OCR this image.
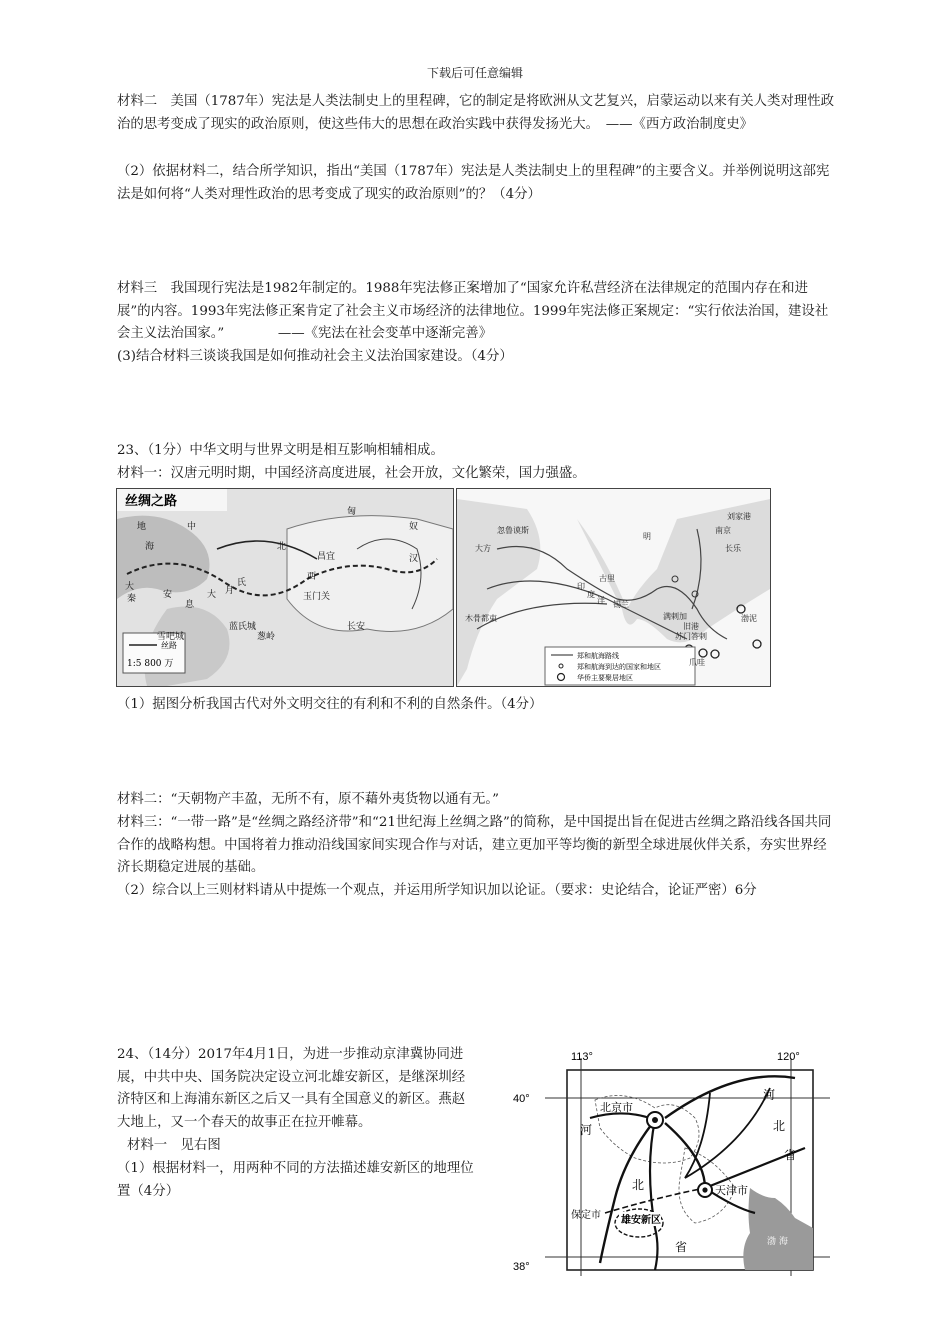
下载后可任意编辑

材料二　美国（1787年）宪法是人类法制史上的里程碑，它的制定是将欧洲从文艺复兴，启蒙运动以来有关人类对理性政治的思考变成了现实的政治原则，使这些伟大的思想在政治实践中获得发扬光大。　——《西方政治制度史》

（2）依据材料二，结合所学知识，指出“美国（1787年）宪法是人类法制史上的里程碑”的主要含义。并举例说明这部宪法是如何将“人类对理性政治的思考变成了现实的政治原则”的？（4分）

材料三　我国现行宪法是1982年制定的。1988年宪法修正案增加了“国家允许私营经济在法律规定的范围内存在和进展”的内容。1993年宪法修正案肯定了社会主义市场经济的法律地位。1999年宪法修正案规定：“实行依法治国，建设社会主义法治国家。”　　　　——《宪法在社会变革中逐渐完善》

(3)结合材料三谈谈我国是如何推动社会主义法治国家建设。（4分）

23、（1分）中华文明与世界文明是相互影响相辅相成。

材料一：汉唐元明时期，中国经济高度进展，社会开放，文化繁荣，国力强盛。

丝绸之路
丝路
1:5 800 万
匈
奴
汉
西
长安
地
海
中
大
秦	安
息
大 月
氏
葱岭
蓝氏城
雪吧城
昌宜
北
玉门关
郑和航海路线
郑和航海到达的国家和地区
华侨主要聚居地区
明
大方
木骨都束
忽鲁谟斯
古里
锡兰
满剌加
苏门答剌
爪哇
旧港
渤泥
印
度
洋
南京
刘家港
长乐

（1）据图分析我国古代对外文明交往的有利和不利的自然条件。（4分）

材料二：“天朝物产丰盈，无所不有，原不藉外夷货物以通有无。”

材料三：“一带一路”是“丝绸之路经济带”和“21世纪海上丝绸之路”的简称，是中国提出旨在促进古丝绸之路沿线各国共同合作的战略构想。中国将着力推动沿线国家间实现合作与对话，建立更加平等均衡的新型全球进展伙伴关系，夯实世界经济长期稳定进展的基础。

（2）综合以上三则材料请从中提炼一个观点，并运用所学知识加以论证。（要求：史论结合，论证严密）6分

24、（14分）2017年4月1日，为进一步推动京津冀协同进展，中共中央、国务院决定设立河北雄安新区，是继深圳经济特区和上海浦东新区之后又一具有全国意义的新区。燕赵大地上，又一个春天的故事正在拉开帷幕。

材料一　见右图

（1）根据材料一，用两种不同的方法描述雄安新区的地理位置（4分）

113°	120°
40°
38°
北京市
天津市
保定市 雄安新区
河
北
省
河
北
省
渤 海
